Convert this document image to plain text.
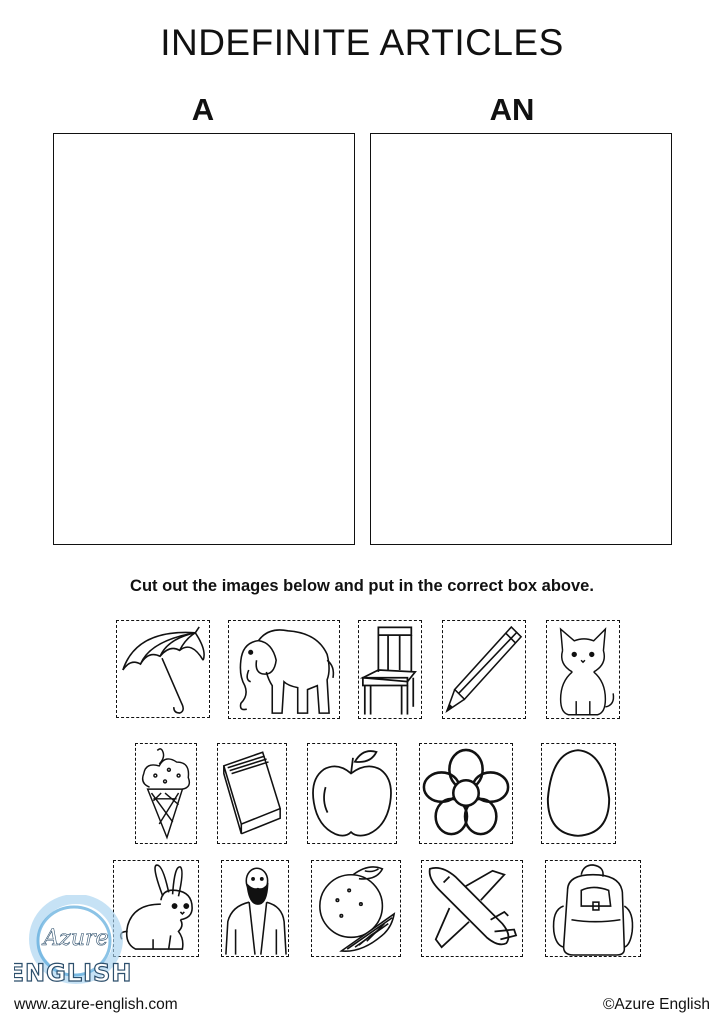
INDEFINITE ARTICLES
A	AN
Cut out the images below and put in the correct box above.
Azure
ENGLISH
www.azure-english.com	©Azure English
